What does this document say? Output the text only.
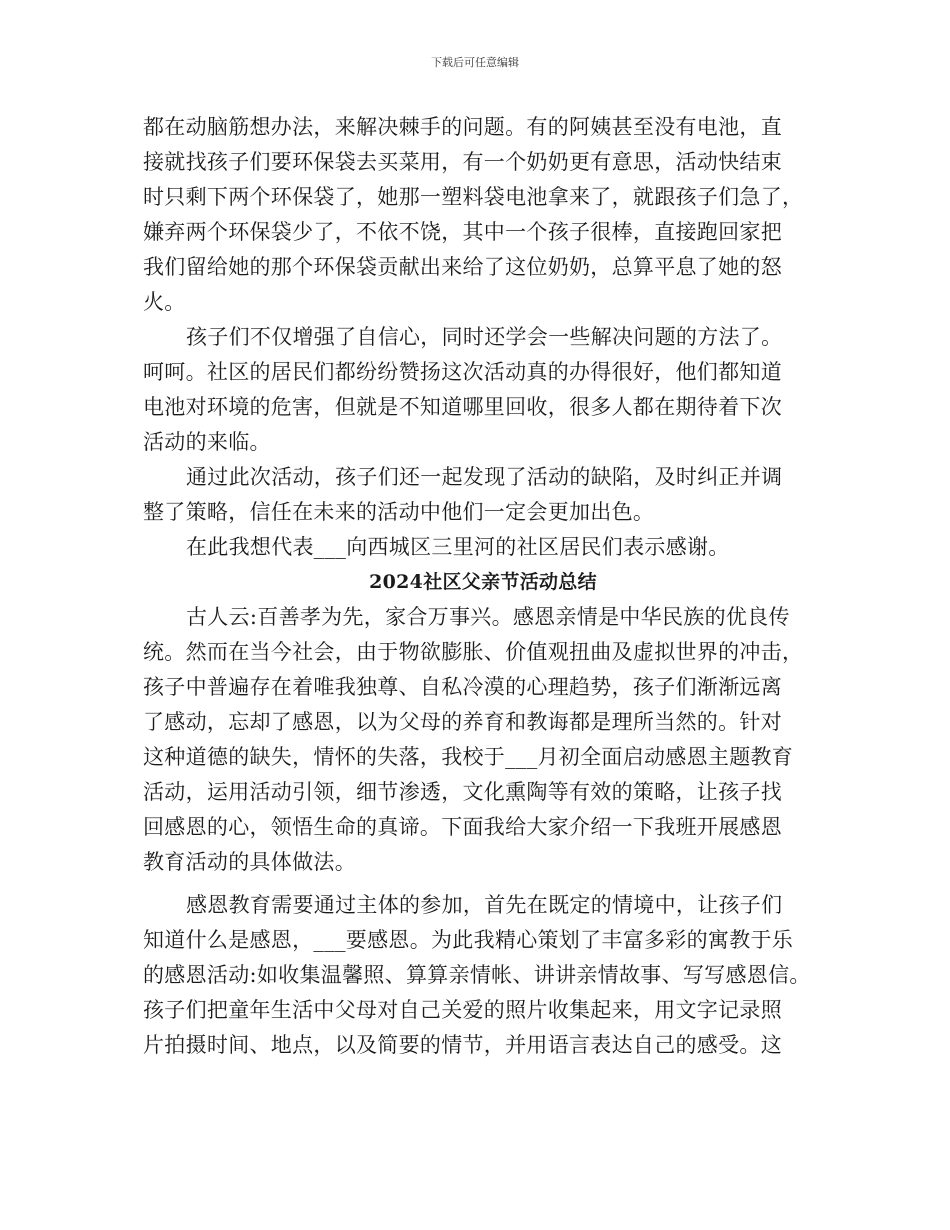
下载后可任意编辑
都在动脑筋想办法，来解决棘手的问题。有的阿姨甚至没有电池，直
接就找孩子们要环保袋去买菜用，有一个奶奶更有意思，活动快结束
时只剩下两个环保袋了，她那一塑料袋电池拿来了，就跟孩子们急了，
嫌弃两个环保袋少了，不依不饶，其中一个孩子很棒，直接跑回家把
我们留给她的那个环保袋贡献出来给了这位奶奶，总算平息了她的怒
火。
孩子们不仅增强了自信心，同时还学会一些解决问题的方法了。
呵呵。社区的居民们都纷纷赞扬这次活动真的办得很好，他们都知道
电池对环境的危害，但就是不知道哪里回收，很多人都在期待着下次
活动的来临。
通过此次活动，孩子们还一起发现了活动的缺陷，及时纠正并调
整了策略，信任在未来的活动中他们一定会更加出色。
在此我想代表___向西城区三里河的社区居民们表示感谢。
2024社区父亲节活动总结
古人云:百善孝为先，家合万事兴。感恩亲情是中华民族的优良传
统。然而在当今社会，由于物欲膨胀、价值观扭曲及虚拟世界的冲击，
孩子中普遍存在着唯我独尊、自私冷漠的心理趋势，孩子们渐渐远离
了感动，忘却了感恩，以为父母的养育和教诲都是理所当然的。针对
这种道德的缺失，情怀的失落，我校于___月初全面启动感恩主题教育
活动，运用活动引领，细节渗透，文化熏陶等有效的策略，让孩子找
回感恩的心，领悟生命的真谛。下面我给大家介绍一下我班开展感恩
教育活动的具体做法。
感恩教育需要通过主体的参加，首先在既定的情境中，让孩子们
知道什么是感恩，___要感恩。为此我精心策划了丰富多彩的寓教于乐
的感恩活动:如收集温馨照、算算亲情帐、讲讲亲情故事、写写感恩信。
孩子们把童年生活中父母对自己关爱的照片收集起来，用文字记录照
片拍摄时间、地点，以及简要的情节，并用语言表达自己的感受。这
